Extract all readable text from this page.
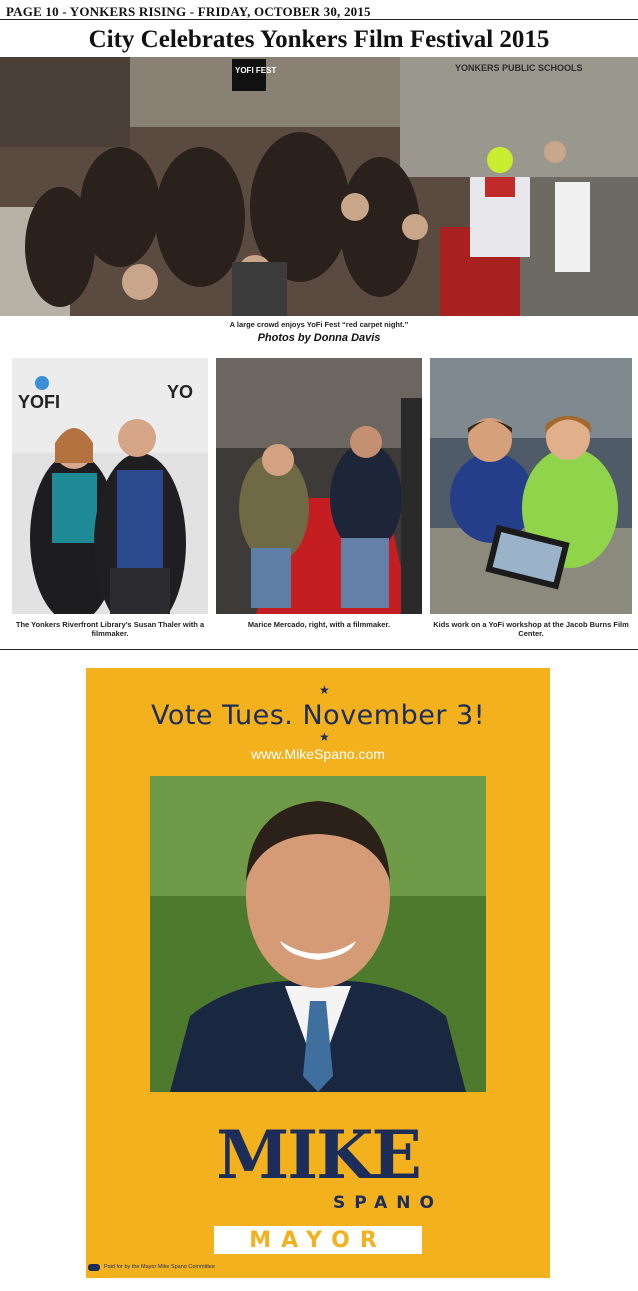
PAGE 10 - YONKERS RISING - FRIDAY, OCTOBER 30, 2015
City Celebrates Yonkers Film Festival 2015
YONKERS PUBLIC SCHOOLS
YOFI FEST
A large crowd enjoys YoFi Fest “red carpet night.”
Photos by Donna Davis
YOFI	YO
The Yonkers Riverfront Library’s Susan Thaler with a filmmaker.
Marice Mercado, right, with a filmmaker.	Kids work on a YoFi workshop at the Jacob Burns Film Center.
★
Vote Tues. November 3!
★
www.MikeSpano.com
MIKE
SPANO
MAYOR
Paid for by the Mayor Mike Spano Committee
